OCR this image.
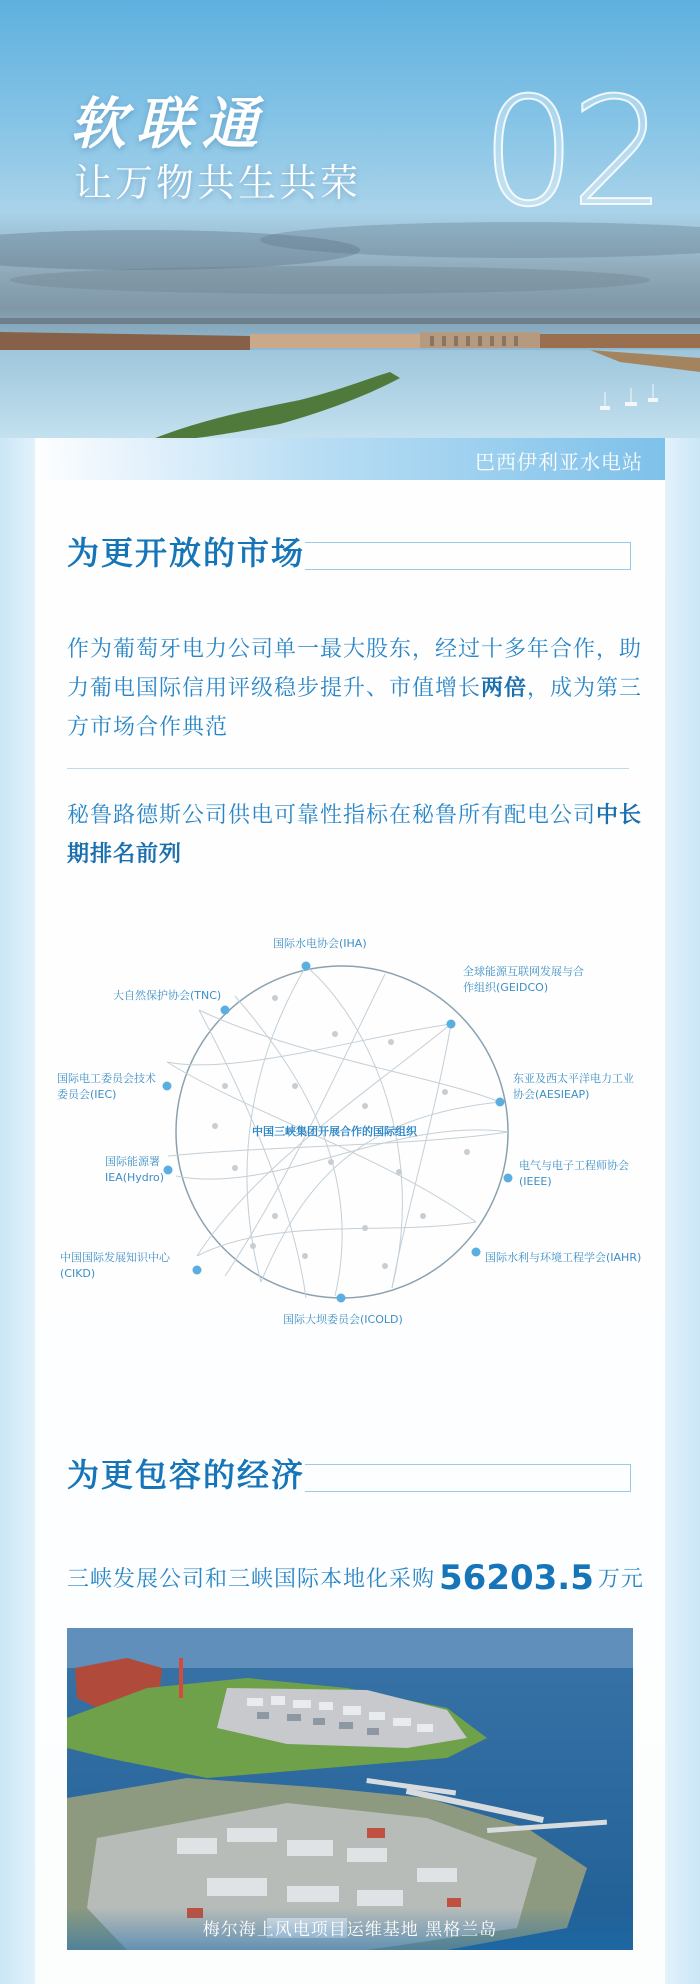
软联通
让万物共生共荣 02
巴西伊利亚水电站
为更开放的市场
作为葡萄牙电力公司单一最大股东，经过十多年合作，助力葡电国际信用评级稳步提升、市值增长两倍，成为第三方市场合作典范
秘鲁路德斯公司供电可靠性指标在秘鲁所有配电公司中长期排名前列
国际水电协会(IHA)
全球能源互联网发展与合作组织(GEIDCO)
东亚及西太平洋电力工业协会(AESIEAP)
电气与电子工程师协会(IEEE)
国际水利与环境工程学会(IAHR)
国际大坝委员会(ICOLD)
中国国际发展知识中心(CIKD)
国际能源署IEA(Hydro)
国际电工委员会技术委员会(IEC)
大自然保护协会(TNC)
中国三峡集团开展合作的国际组织
为更包容的经济
三峡发展公司和三峡国际本地化采购 56203.5 万元
梅尔海上风电项目运维基地 黑格兰岛
